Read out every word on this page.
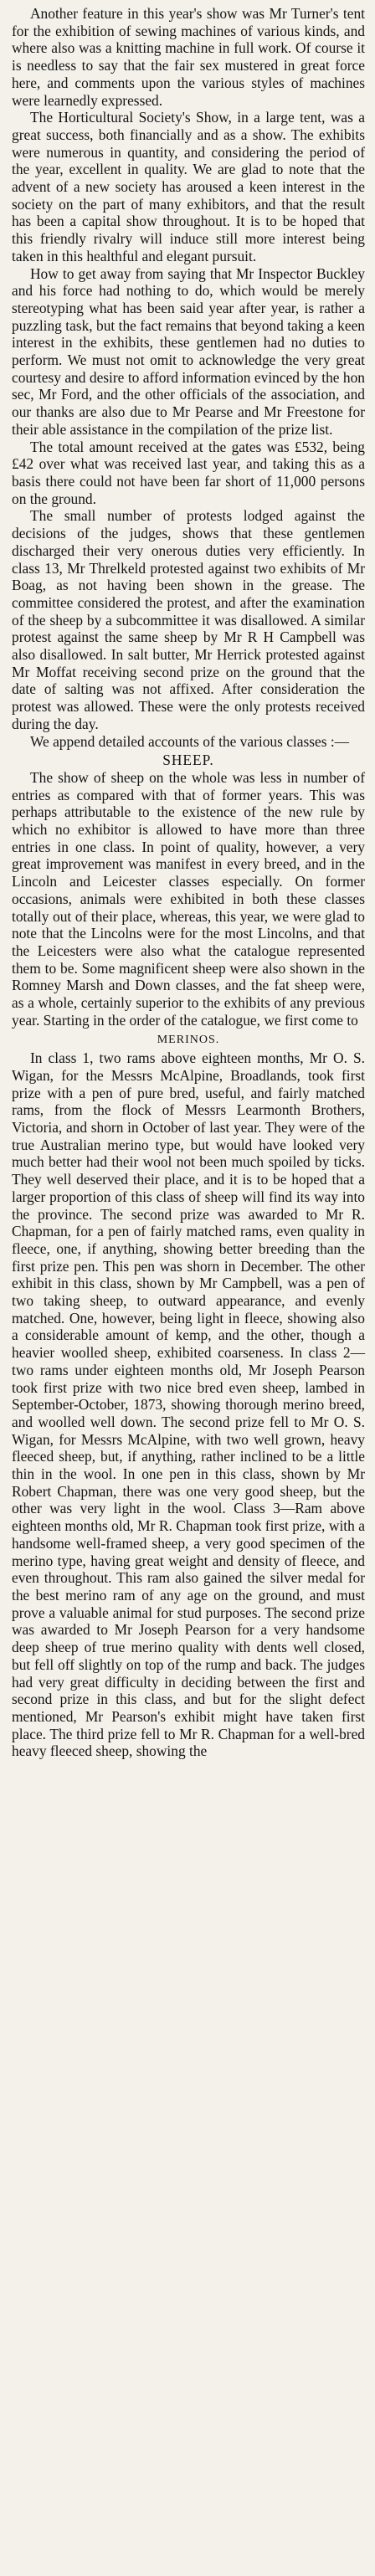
Another feature in this year's show was Mr Turner's tent for the exhibition of sewing machines of various kinds, and where also was a knitting machine in full work. Of course it is needless to say that the fair sex mustered in great force here, and comments upon the various styles of machines were learnedly expressed.

The Horticultural Society's Show, in a large tent, was a great success, both financially and as a show. The exhibits were numerous in quantity, and considering the period of the year, excellent in quality. We are glad to note that the advent of a new society has aroused a keen interest in the society on the part of many exhibitors, and that the result has been a capital show throughout. It is to be hoped that this friendly rivalry will induce still more interest being taken in this healthful and elegant pursuit.

How to get away from saying that Mr Inspector Buckley and his force had nothing to do, which would be merely stereotyping what has been said year after year, is rather a puzzling task, but the fact remains that beyond taking a keen interest in the exhibits, these gentlemen had no duties to perform. We must not omit to acknowledge the very great courtesy and desire to afford information evinced by the hon sec, Mr Ford, and the other officials of the association, and our thanks are also due to Mr Pearse and Mr Freestone for their able assistance in the compilation of the prize list.

The total amount received at the gates was £532, being £42 over what was received last year, and taking this as a basis there could not have been far short of 11,000 persons on the ground.

The small number of protests lodged against the decisions of the judges, shows that these gentlemen discharged their very onerous duties very efficiently. In class 13, Mr Threlkeld protested against two exhibits of Mr Boag, as not having been shown in the grease. The committee considered the protest, and after the examination of the sheep by a subcommittee it was disallowed. A similar protest against the same sheep by Mr R H Campbell was also disallowed. In salt butter, Mr Herrick protested against Mr Moffat receiving second prize on the ground that the date of salting was not affixed. After consideration the protest was allowed. These were the only protests received during the day.

We append detailed accounts of the various classes :—

SHEEP.

The show of sheep on the whole was less in number of entries as compared with that of former years. This was perhaps attributable to the existence of the new rule by which no exhibitor is allowed to have more than three entries in one class. In point of quality, however, a very great improvement was manifest in every breed, and in the Lincoln and Leicester classes especially. On former occasions, animals were exhibited in both these classes totally out of their place, whereas, this year, we were glad to note that the Lincolns were for the most Lincolns, and that the Leicesters were also what the catalogue represented them to be. Some magnificent sheep were also shown in the Romney Marsh and Down classes, and the fat sheep were, as a whole, certainly superior to the exhibits of any previous year. Starting in the order of the catalogue, we first come to

MERINOS.

In class 1, two rams above eighteen months, Mr O. S. Wigan, for the Messrs McAlpine, Broadlands, took first prize with a pen of pure bred, useful, and fairly matched rams, from the flock of Messrs Learmonth Brothers, Victoria, and shorn in October of last year. They were of the true Australian merino type, but would have looked very much better had their wool not been much spoiled by ticks. They well deserved their place, and it is to be hoped that a larger proportion of this class of sheep will find its way into the province. The second prize was awarded to Mr R. Chapman, for a pen of fairly matched rams, even quality in fleece, one, if anything, showing better breeding than the first prize pen. This pen was shorn in December. The other exhibit in this class, shown by Mr Campbell, was a pen of two taking sheep, to outward appearance, and evenly matched. One, however, being light in fleece, showing also a considerable amount of kemp, and the other, though a heavier woolled sheep, exhibited coarseness. In class 2—two rams under eighteen months old, Mr Joseph Pearson took first prize with two nice bred even sheep, lambed in September-October, 1873, showing thorough merino breed, and woolled well down. The second prize fell to Mr O. S. Wigan, for Messrs McAlpine, with two well grown, heavy fleeced sheep, but, if anything, rather inclined to be a little thin in the wool. In one pen in this class, shown by Mr Robert Chapman, there was one very good sheep, but the other was very light in the wool. Class 3—Ram above eighteen months old, Mr R. Chapman took first prize, with a handsome well-framed sheep, a very good specimen of the merino type, having great weight and density of fleece, and even throughout. This ram also gained the silver medal for the best merino ram of any age on the ground, and must prove a valuable animal for stud purposes. The second prize was awarded to Mr Joseph Pearson for a very handsome deep sheep of true merino quality with dents well closed, but fell off slightly on top of the rump and back. The judges had very great difficulty in deciding between the first and second prize in this class, and but for the slight defect mentioned, Mr Pearson's exhibit might have taken first place. The third prize fell to Mr R. Chapman for a well-bred heavy fleeced sheep, showing the
